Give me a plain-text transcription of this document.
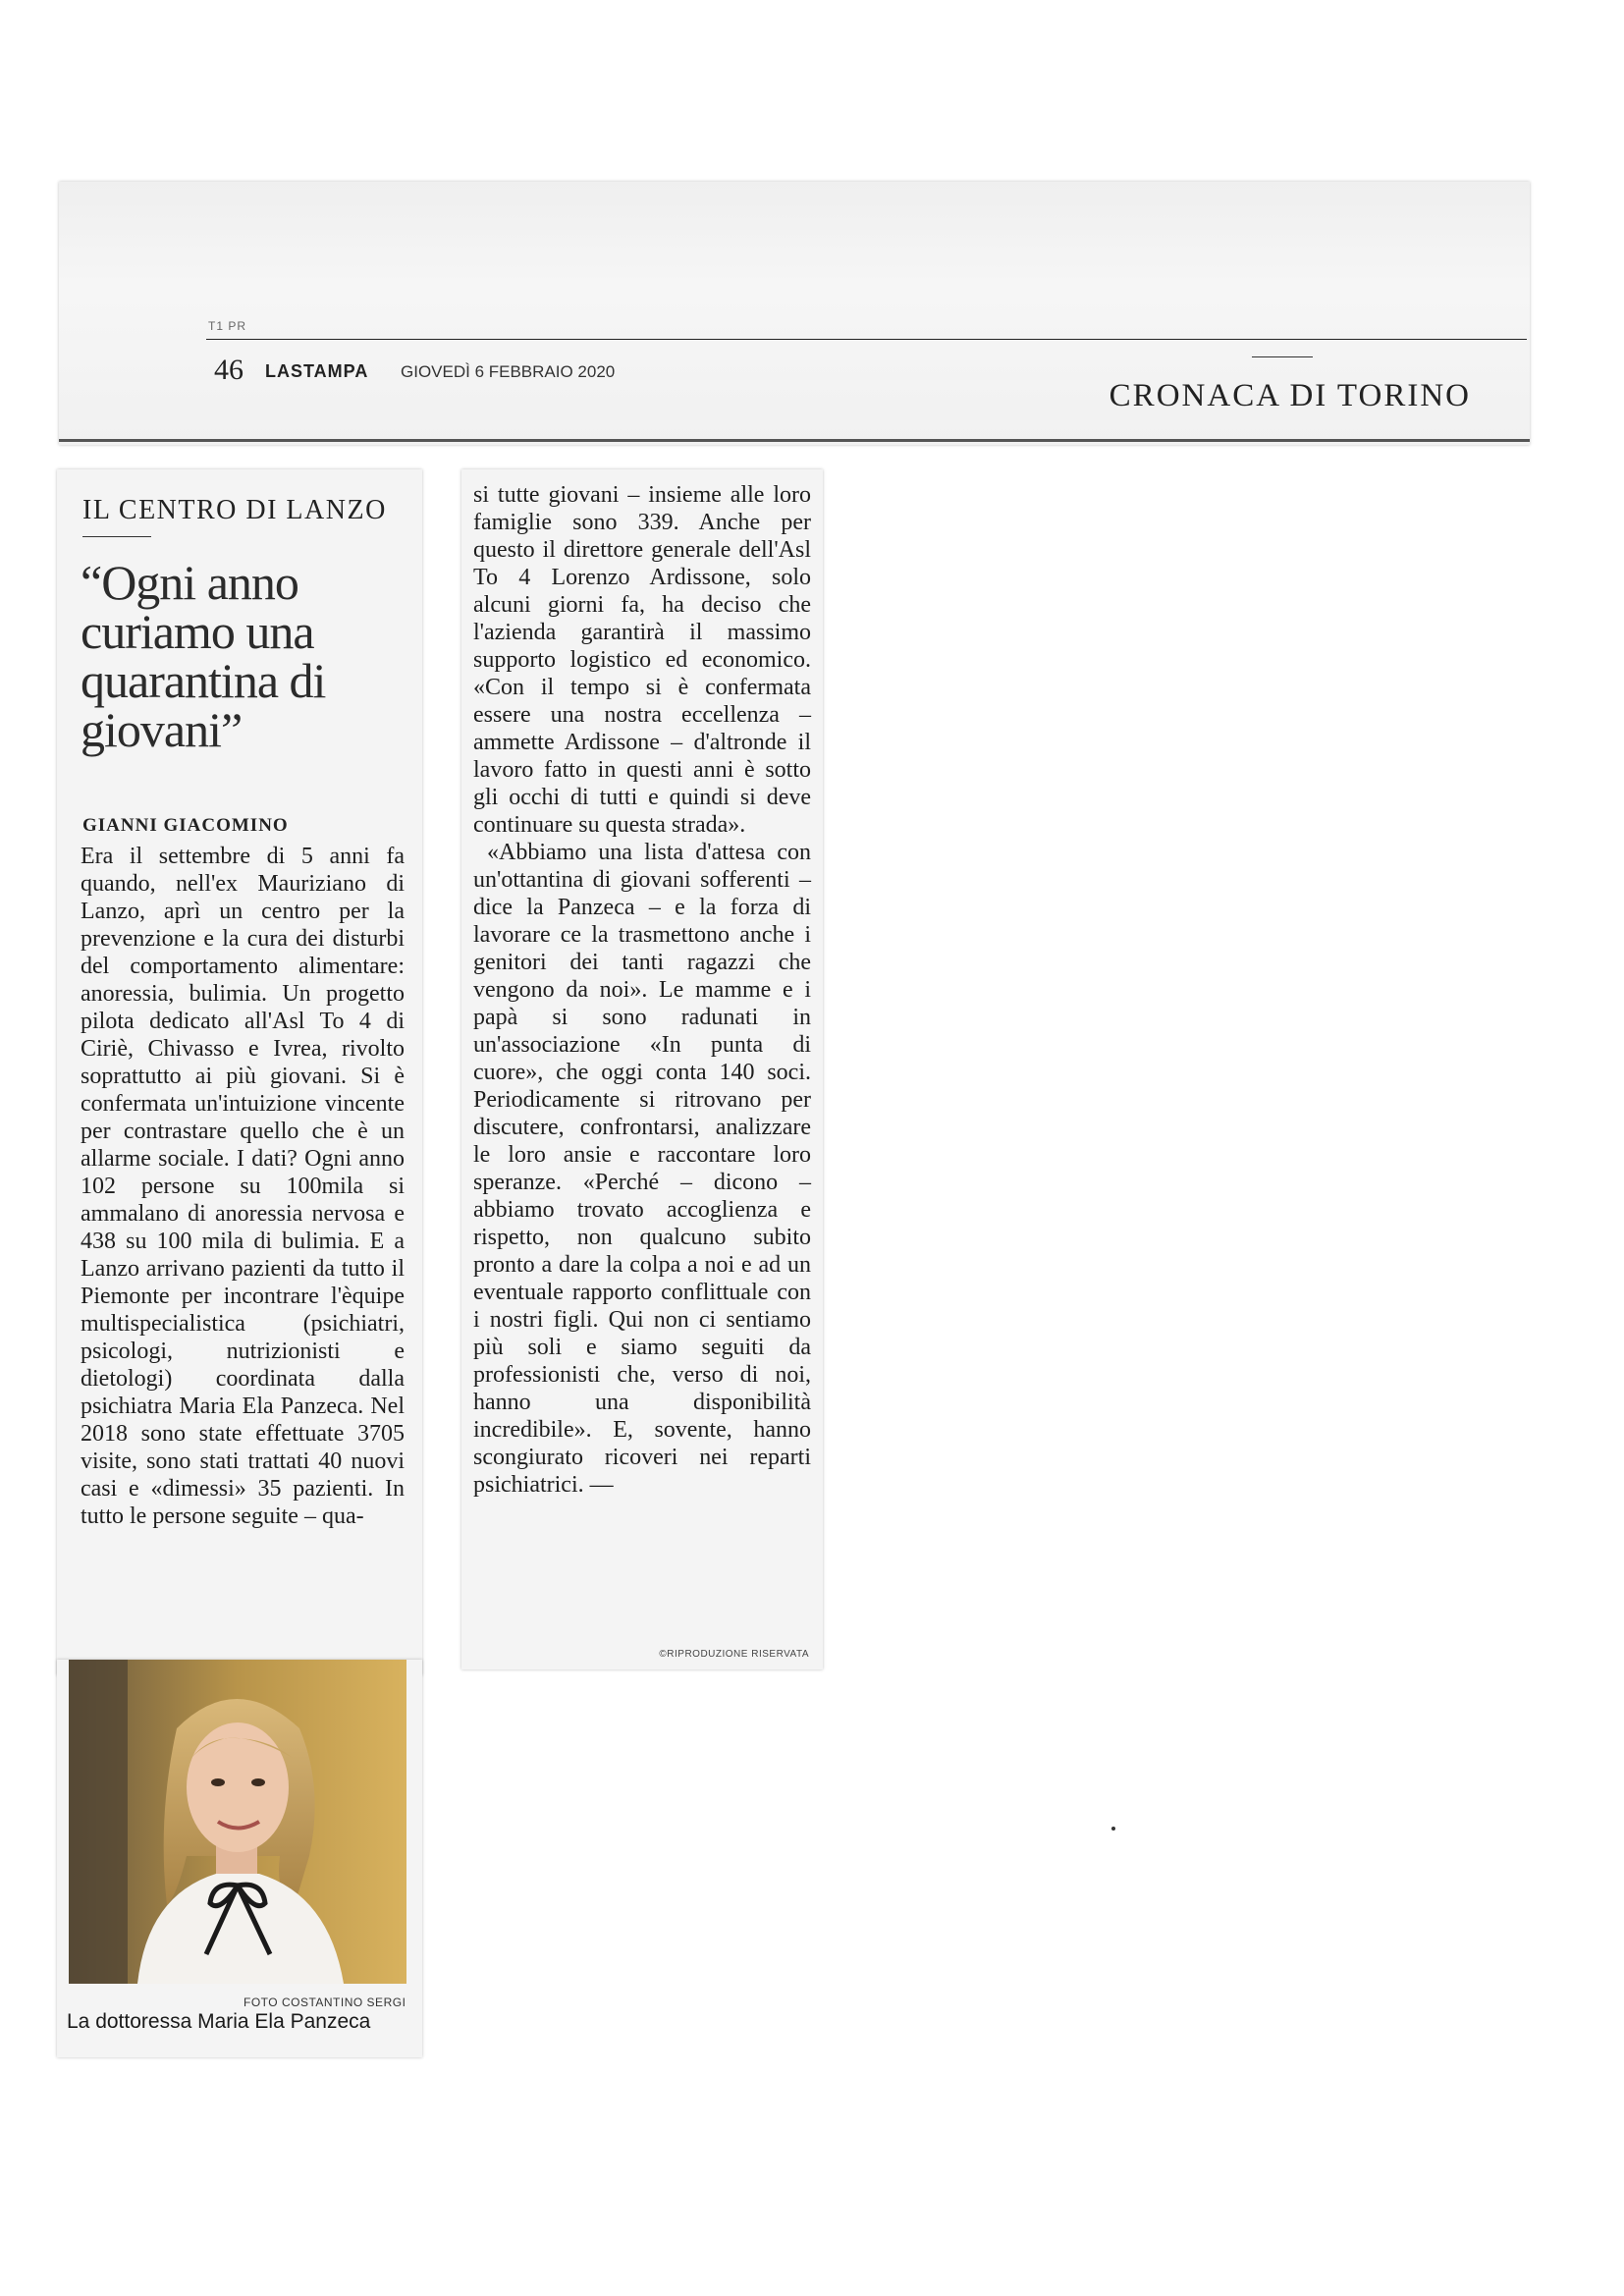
T1 PR
46 LASTAMPA GIOVEDÌ 6 FEBBRAIO 2020
CRONACA DI TORINO
IL CENTRO DI LANZO
“Ogni anno curiamo una quarantina di giovani”
GIANNI GIACOMINO
Era il settembre di 5 anni fa quando, nell'ex Mauriziano di Lanzo, aprì un centro per la prevenzione e la cura dei disturbi del comportamento alimentare: anoressia, bulimia. Un progetto pilota dedicato all'Asl To 4 di Ciriè, Chivasso e Ivrea, rivolto soprattutto ai più giovani. Si è confermata un'intuizione vincente per contrastare quello che è un allarme sociale. I dati? Ogni anno 102 persone su 100mila si ammalano di anoressia nervosa e 438 su 100 mila di bulimia. E a Lanzo arrivano pazienti da tutto il Piemonte per incontrare l'èquipe multispecialistica (psichiatri, psicologi, nutrizionisti e dietologi) coordinata dalla psichiatra Maria Ela Panzeca. Nel 2018 sono state effettuate 3705 visite, sono stati trattati 40 nuovi casi e «dimessi» 35 pazienti. In tutto le persone seguite – qua-
FOTO COSTANTINO SERGI
La dottoressa Maria Ela Panzeca
si tutte giovani – insieme alle loro famiglie sono 339. Anche per questo il direttore generale dell'Asl To 4 Lorenzo Ardissone, solo alcuni giorni fa, ha deciso che l'azienda garantirà il massimo supporto logistico ed economico. «Con il tempo si è confermata essere una nostra eccellenza – ammette Ardissone – d'altronde il lavoro fatto in questi anni è sotto gli occhi di tutti e quindi si deve continuare su questa strada».
«Abbiamo una lista d'attesa con un'ottantina di giovani sofferenti – dice la Panzeca – e la forza di lavorare ce la trasmettono anche i genitori dei tanti ragazzi che vengono da noi». Le mamme e i papà si sono radunati in un'associazione «In punta di cuore», che oggi conta 140 soci. Periodicamente si ritrovano per discutere, confrontarsi, analizzare le loro ansie e raccontare loro speranze. «Perché – dicono – abbiamo trovato accoglienza e rispetto, non qualcuno subito pronto a dare la colpa a noi e ad un eventuale rapporto conflittuale con i nostri figli. Qui non ci sentiamo più soli e siamo seguiti da professionisti che, verso di noi, hanno una disponibilità incredibile». E, sovente, hanno scongiurato ricoveri nei reparti psichiatrici. —
©RIPRODUZIONE RISERVATA
